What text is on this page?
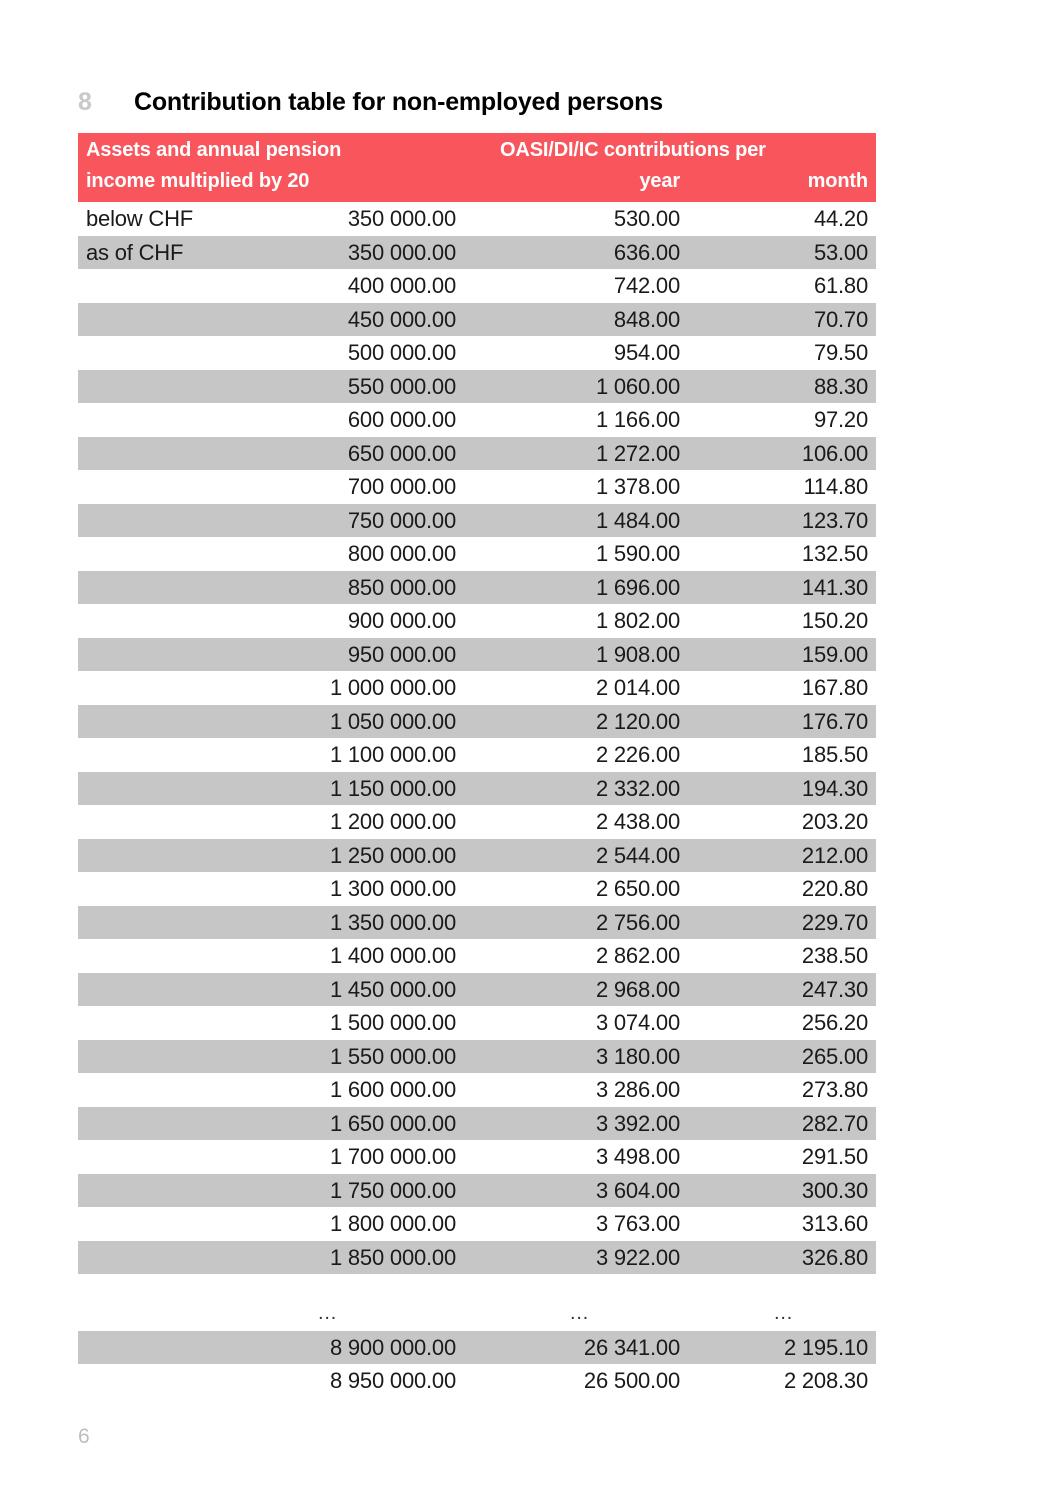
8	Contribution table for non-employed persons
Assets and annual pension
income multiplied by 20
OASI/DI/IC contributions per
year	month
below CHF	350 000.00	530.00	44.20
as of CHF	350 000.00	636.00	53.00
400 000.00	742.00	61.80
450 000.00	848.00	70.70
500 000.00	954.00	79.50
550 000.00	1 060.00	88.30
600 000.00	1 166.00	97.20
650 000.00	1 272.00	106.00
700 000.00	1 378.00	114.80
750 000.00	1 484.00	123.70
800 000.00	1 590.00	132.50
850 000.00	1 696.00	141.30
900 000.00	1 802.00	150.20
950 000.00	1 908.00	159.00
1 000 000.00	2 014.00	167.80
1 050 000.00	2 120.00	176.70
1 100 000.00	2 226.00	185.50
1 150 000.00	2 332.00	194.30
1 200 000.00	2 438.00	203.20
1 250 000.00	2 544.00	212.00
1 300 000.00	2 650.00	220.80
1 350 000.00	2 756.00	229.70
1 400 000.00	2 862.00	238.50
1 450 000.00	2 968.00	247.30
1 500 000.00	3 074.00	256.20
1 550 000.00	3 180.00	265.00
1 600 000.00	3 286.00	273.80
1 650 000.00	3 392.00	282.70
1 700 000.00	3 498.00	291.50
1 750 000.00	3 604.00	300.30
1 800 000.00	3 763.00	313.60
1 850 000.00	3 922.00	326.80
…	…	…
8 900 000.00	26 341.00	2 195.10
8 950 000.00	26 500.00	2 208.30
6
